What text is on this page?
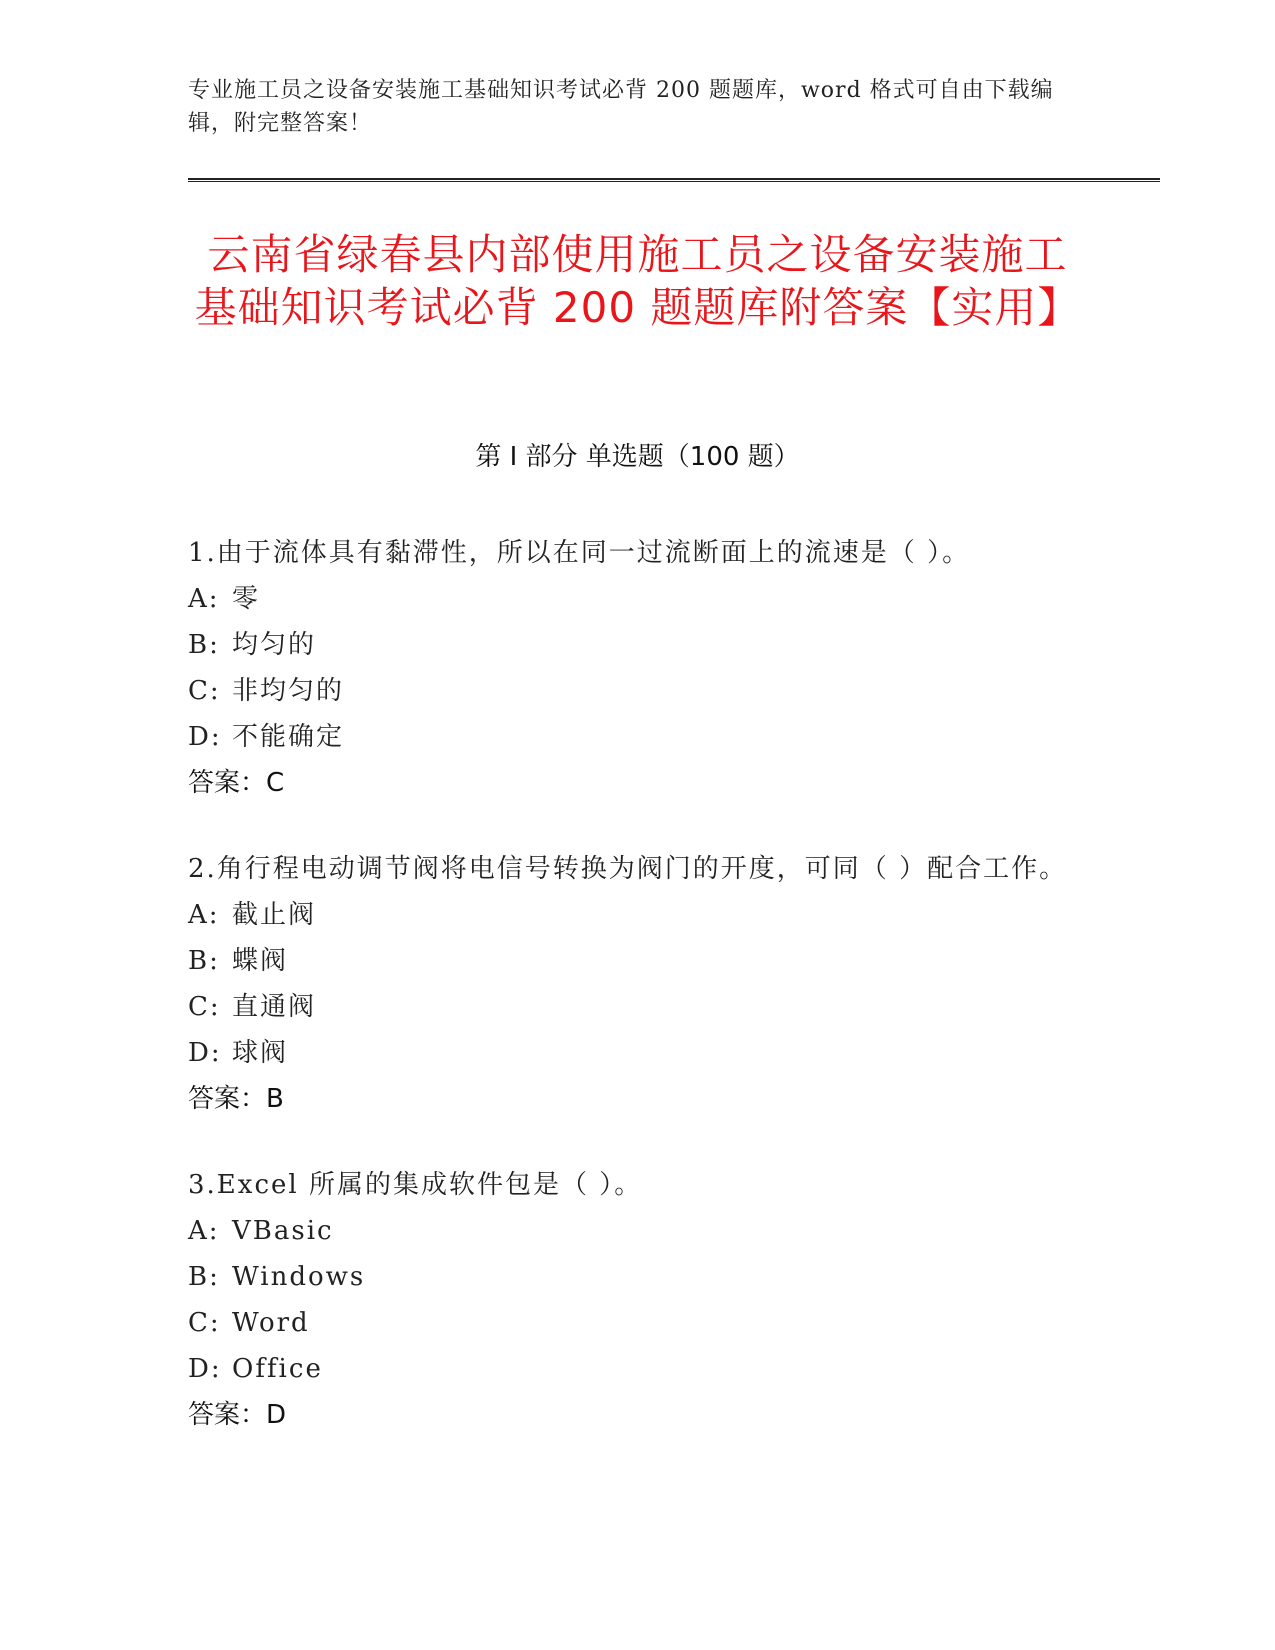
专业施工员之设备安装施工基础知识考试必背 200 题题库，word 格式可自由下载编辑，附完整答案！
云南省绿春县内部使用施工员之设备安装施工基础知识考试必背 200 题题库附答案【实用】
第 I 部分 单选题（100 题）
1.由于流体具有黏滞性，所以在同一过流断面上的流速是（ ）。
A: 零
B: 均匀的
C: 非均匀的
D: 不能确定
答案：C
2.角行程电动调节阀将电信号转换为阀门的开度，可同（ ）配合工作。
A: 截止阀
B: 蝶阀
C: 直通阀
D: 球阀
答案：B
3.Excel 所属的集成软件包是（ ）。
A: VBasic
B: Windows
C: Word
D: Office
答案：D
